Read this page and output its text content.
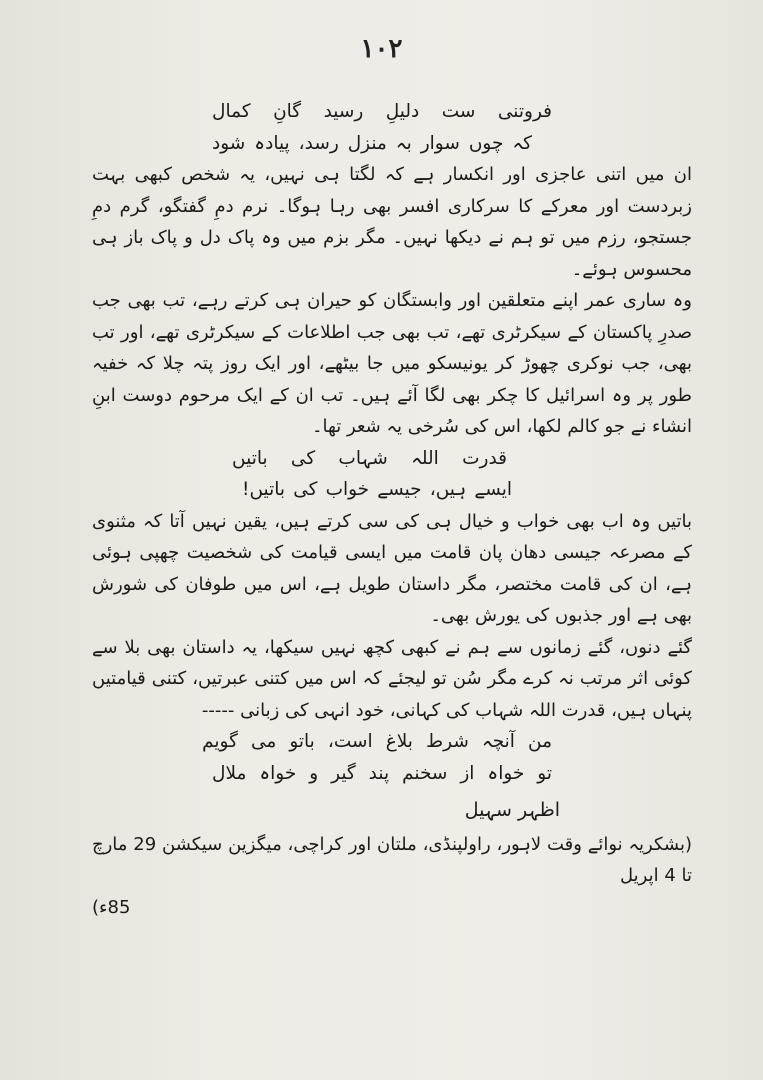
۱۰۲
فروتنی
ست
دلیلِ
رسید
گانِ
کمال
کہ
چوں
سوار
بہ
منزل
رسد،
پیادہ
شود

ان میں اتنی عاجزی اور انکسار ہے کہ لگتا ہی نہیں، یہ شخص کبھی بہت زبردست اور معرکے کا سرکاری افسر بھی رہا ہوگا۔ نرم دمِ گفتگو، گرم دمِ جستجو، رزم میں تو ہم نے دیکھا نہیں۔ مگر بزم میں وہ پاک دل و پاک باز ہی محسوس ہوئے۔

وہ ساری عمر اپنے متعلقین اور وابستگان کو حیران ہی کرتے رہے، تب بھی جب صدرِ پاکستان کے سیکرٹری تھے، تب بھی جب اطلاعات کے سیکرٹری تھے، اور تب بھی، جب نوکری چھوڑ کر یونیسکو میں جا بیٹھے، اور ایک روز پتہ چلا کہ خفیہ طور پر وہ اسرائیل کا چکر بھی لگا آئے ہیں۔ تب ان کے ایک مرحوم دوست ابنِ انشاء نے جو کالم لکھا، اس کی سُرخی یہ شعر تھا۔

قدرت
اللہ
شہاب
کی
باتیں
ایسے
ہیں،
جیسے
خواب
کی
باتیں!

باتیں وہ اب بھی خواب و خیال ہی کی سی کرتے ہیں، یقین نہیں آتا کہ مثنوی کے مصرعہ جیسی دھان پان قامت میں ایسی قیامت کی شخصیت چھپی ہوئی ہے، ان کی قامت مختصر، مگر داستان طویل ہے، اس میں طوفان کی شورش بھی ہے اور جذبوں کی یورش بھی۔

گئے دنوں، گئے زمانوں سے ہم نے کبھی کچھ نہیں سیکھا، یہ داستان بھی بلا سے کوئی اثر مرتب نہ کرے مگر سُن تو لیجئے کہ اس میں کتنی عبرتیں، کتنی قیامتیں پنہاں ہیں، قدرت اللہ شہاب کی کہانی، خود انہی کی زبانی -----

من
آنچہ
شرط
بلاغ
است،
باتو
می
گویم
تو
خواہ
از
سخنم
پند
گیر
و
خواہ
ملال
اظہر سہیل

(بشکریہ نوائے وقت لاہور، راولپنڈی، ملتان اور کراچی، میگزین سیکشن 29 مارچ تا 4 اپریل

85ء)
